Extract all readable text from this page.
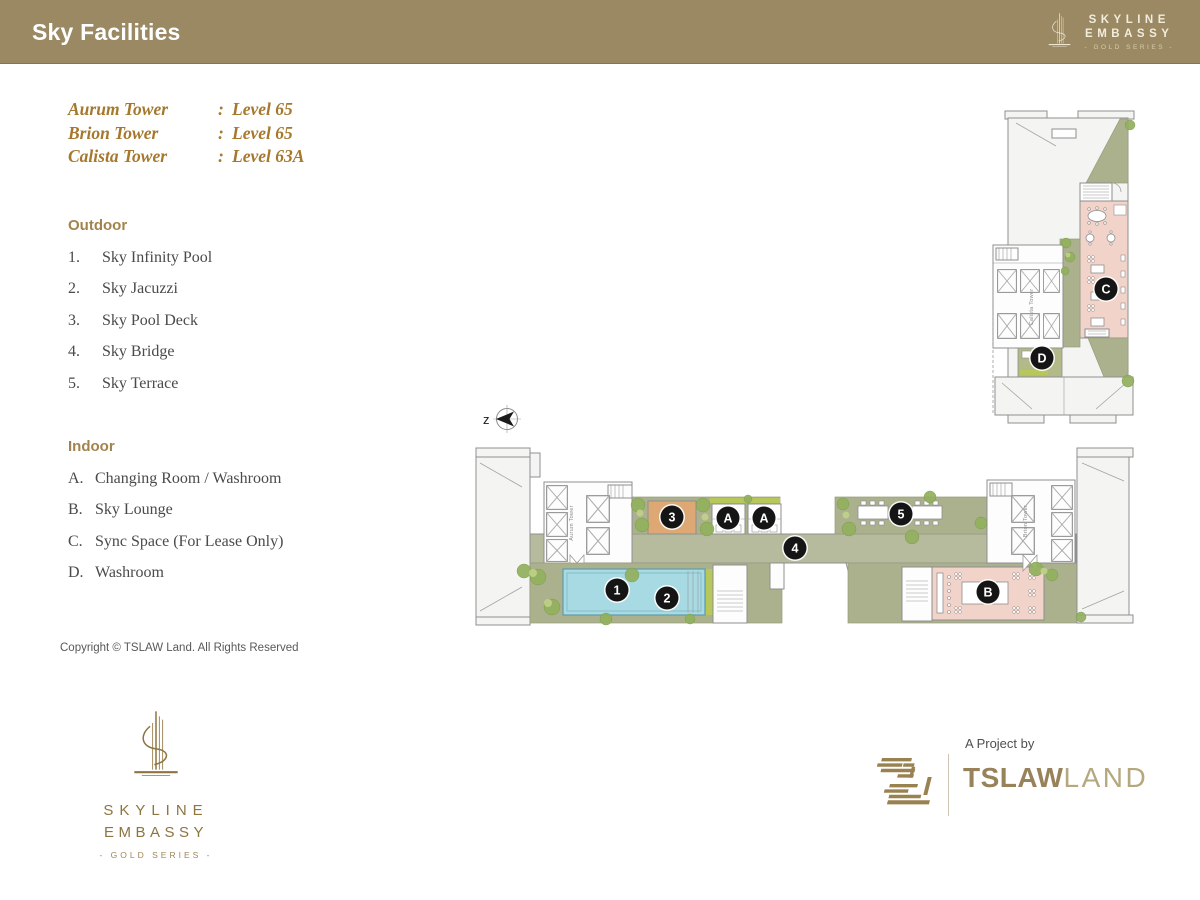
Sky Facilities	SKYLINE
EMBASSY
- GOLD SERIES -
Aurum Tower	: Level 65
Brion Tower	: Level 65
Calista Tower	: Level 63A
Outdoor
1.	Sky Infinity Pool
2.	Sky Jacuzzi
3.	Sky Pool Deck
4.	Sky Bridge
5.	Sky Terrace
Indoor
A. Changing Room / Washroom
B. Sky Lounge
C. Sync Space (For Lease Only)
D. Washroom
Copyright © TSLAW Land. All Rights Reserved
SKYLINE
EMBASSY
- GOLD SERIES -
A Project by
TSLAWLAND
z
1
2
3	A	A
4
5
B
C
D
Aurum Tower	Brion Tower
Calista Tower
